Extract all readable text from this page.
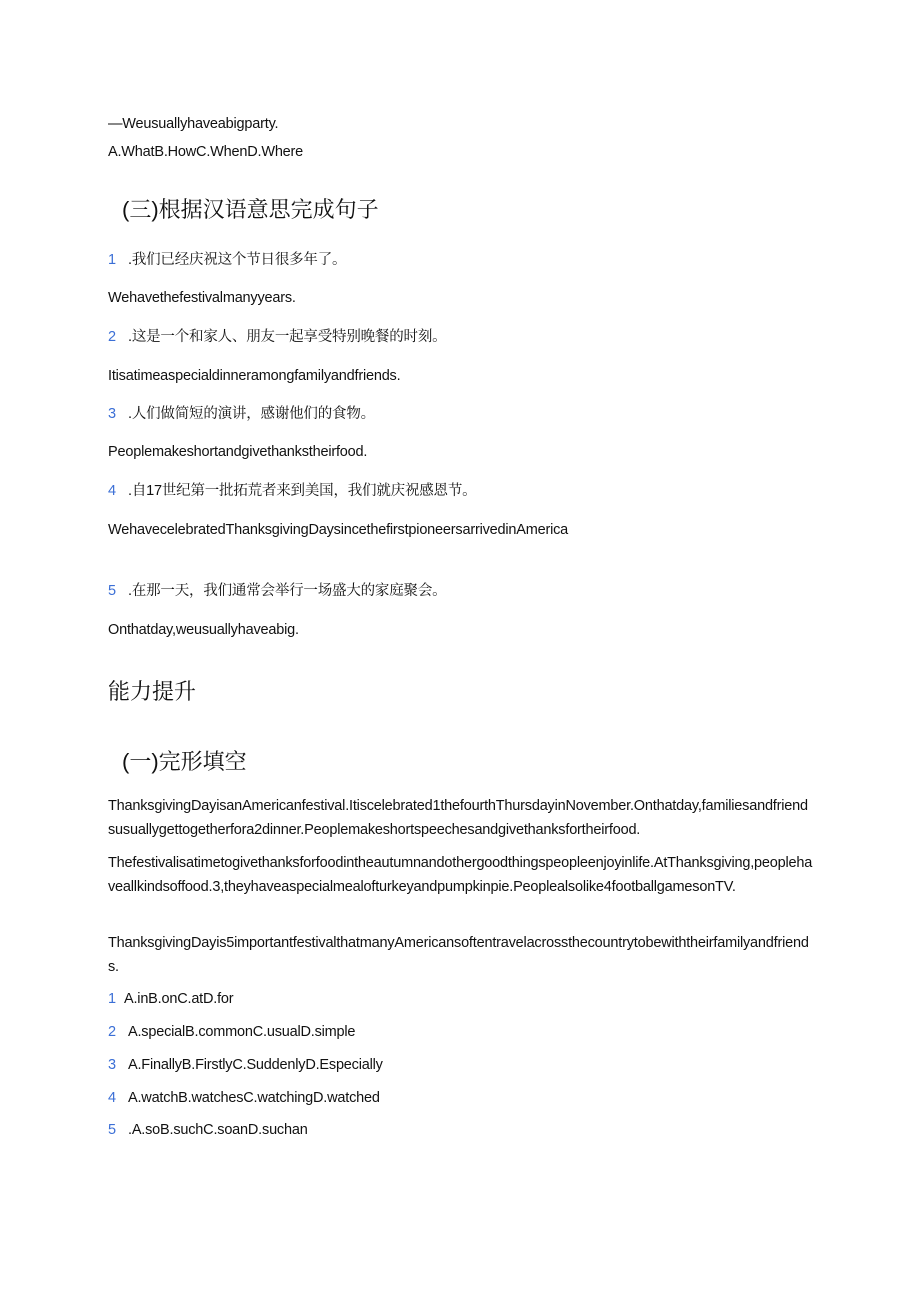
—Weusuallyhaveabigparty.
A.WhatB.HowC.WhenD.Where
(三)根据汉语意思完成句子
1 .我们已经庆祝这个节日很多年了。
Wehavethefestivalmanyyears.
2 .这是一个和家人、朋友一起享受特别晚餐的时刻。
Itisatimeaspecialdinneramongfamilyandfriends.
3 .人们做简短的演讲，感谢他们的食物。
Peoplemakeshortandgivethankstheirfood.
4 .自17世纪第一批拓荒者来到美国，我们就庆祝感恩节。
WehavecelebratedThanksgivingDaysincethefirstpioneersarrivedinAmerica
5 .在那一天，我们通常会举行一场盛大的家庭聚会。
Onthatday,weusuallyhaveabig.
能力提升
(一)完形填空
ThanksgivingDayisanAmericanfestival.Itiscelebrated1thefourthThursdayinNovember.Onthatday,familiesandfriendsusuallygettogetherfora2dinner.Peoplemakeshortspeechesandgivethanksfortheirfood.
Thefestivalisatimetogivethanksforfoodintheautumnandothergoodthingspeopleenjoyinlife.AtThanksgiving,peoplehaveallkindsoffood.3,theyhaveaspecialmealofturkeyandpumpkinpie.Peoplealsolike4footballgamesonTV.
ThanksgivingDayis5importantfestivalthatmanyAmericansoftentravelacrossthecountrytobewiththeirfamilyandfriends.
1 A.inB.onC.atD.for
2 A.specialB.commonC.usualD.simple
3 A.FinallyB.FirstlyC.SuddenlyD.Especially
4 A.watchB.watchesC.watchingD.watched
5 .A.soB.suchC.soanD.suchan
